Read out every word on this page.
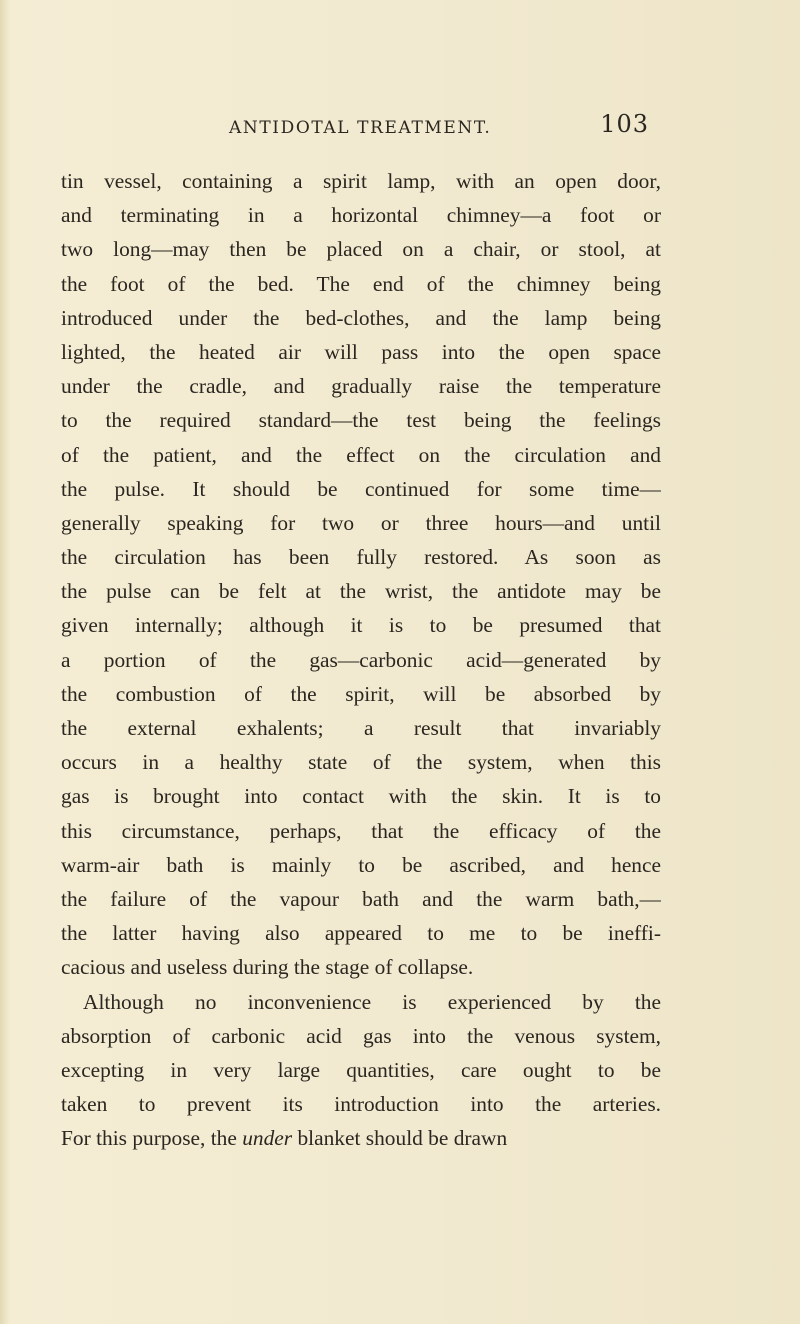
ANTIDOTAL TREATMENT.	103
tin vessel, containing a spirit lamp, with an open door,
and terminating in a horizontal chimney—a foot or
two long—may then be placed on a chair, or stool, at
the foot of the bed. The end of the chimney being
introduced under the bed-clothes, and the lamp being
lighted, the heated air will pass into the open space
under the cradle, and gradually raise the temperature
to the required standard—the test being the feelings
of the patient, and the effect on the circulation and
the pulse. It should be continued for some time—
generally speaking for two or three hours—and until
the circulation has been fully restored. As soon as
the pulse can be felt at the wrist, the antidote may be
given internally; although it is to be presumed that
a portion of the gas—carbonic acid—generated by
the combustion of the spirit, will be absorbed by
the external exhalents; a result that invariably
occurs in a healthy state of the system, when this
gas is brought into contact with the skin. It is to
this circumstance, perhaps, that the efficacy of the
warm-air bath is mainly to be ascribed, and hence
the failure of the vapour bath and the warm bath,—
the latter having also appeared to me to be ineffi-
cacious and useless during the stage of collapse.
Although no inconvenience is experienced by the
absorption of carbonic acid gas into the venous system,
excepting in very large quantities, care ought to be
taken to prevent its introduction into the arteries.
For this purpose, the under blanket should be drawn
